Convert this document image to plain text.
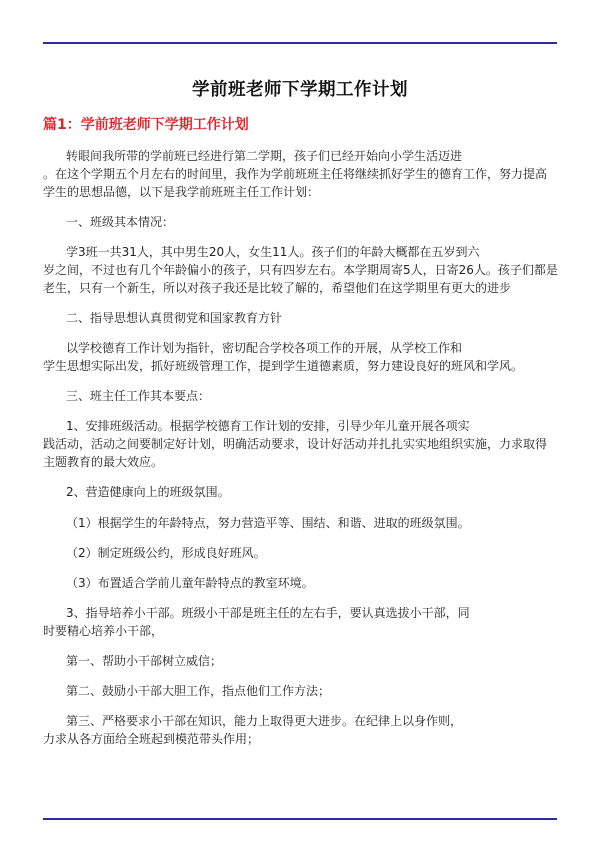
学前班老师下学期工作计划
篇1：学前班老师下学期工作计划
转眼间我所带的学前班已经进行第二学期，孩子们已经开始向小学生活迈进
。在这个学期五个月左右的时间里，我作为学前班班主任将继续抓好学生的德育工作，努力提高
学生的思想品德，以下是我学前班班主任工作计划：
一、班级其本情况：
学3班一共31人，其中男生20人，女生11人。孩子们的年龄大概都在五岁到六
岁之间，不过也有几个年龄偏小的孩子，只有四岁左右。本学期周寄5人，日寄26人。孩子们都是
老生，只有一个新生，所以对孩子我还是比较了解的，希望他们在这学期里有更大的进步
二、指导思想认真贯彻党和国家教育方针
以学校德育工作计划为指针，密切配合学校各项工作的开展，从学校工作和
学生思想实际出发，抓好班级管理工作，提到学生道德素质，努力建设良好的班风和学风。
三、班主任工作其本要点：
1、安排班级活动。根据学校德育工作计划的安排，引导少年儿童开展各项实
践活动，活动之间要制定好计划，明确活动要求，设计好活动并扎扎实实地组织实施，力求取得
主题教育的最大效应。
2、营造健康向上的班级氛围。
（1）根据学生的年龄特点，努力营造平等、围结、和谐、进取的班级氛围。
（2）制定班级公约，形成良好班风。
（3）布置适合学前儿童年龄特点的教室环境。
3、指导培养小干部。班级小干部是班主任的左右手，要认真选拔小干部，同
时要精心培养小干部，
第一、帮助小干部树立威信；
第二、鼓励小干部大胆工作，指点他们工作方法；
第三、严格要求小干部在知识，能力上取得更大进步。在纪律上以身作则，
力求从各方面给全班起到模范带头作用；
